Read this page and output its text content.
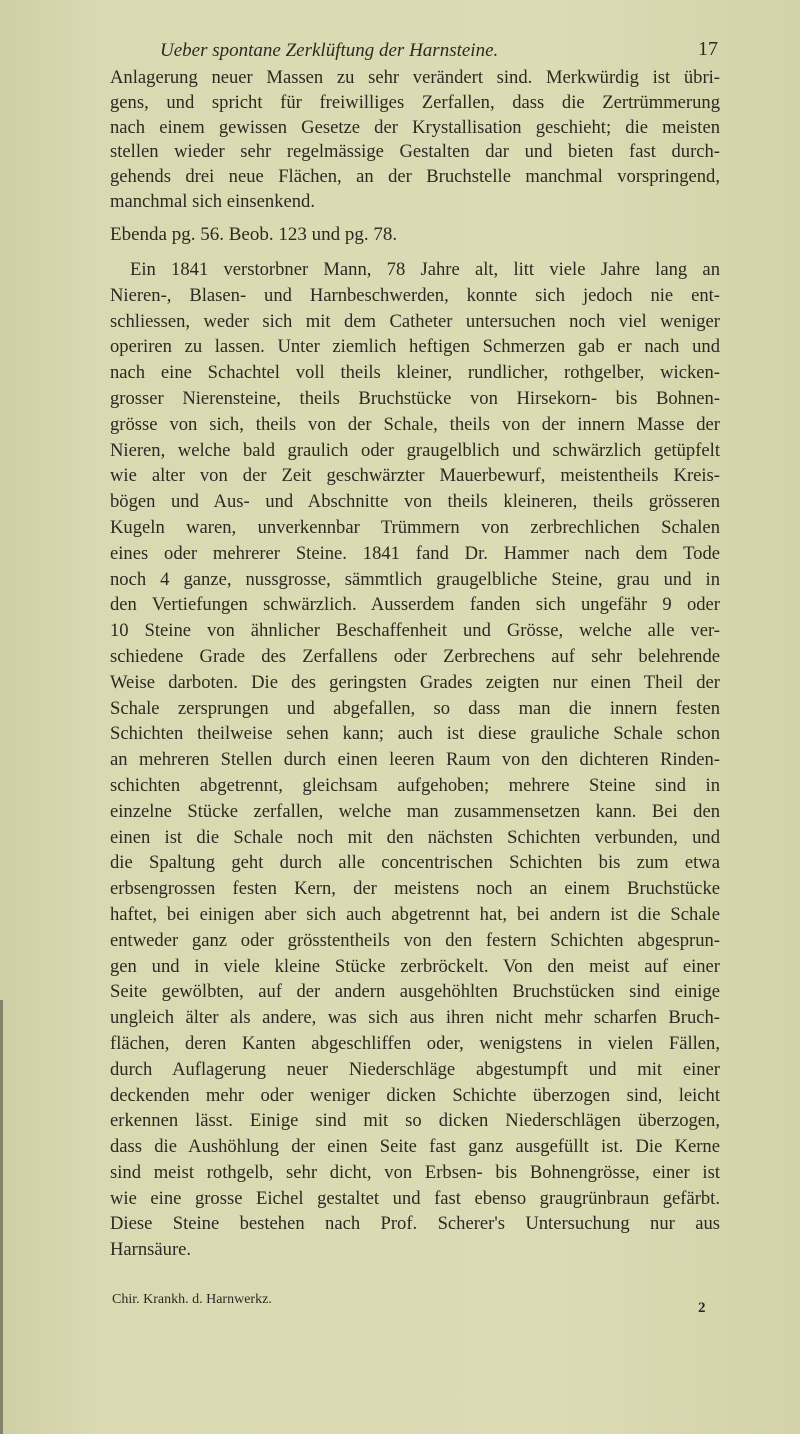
Ueber spontane Zerklüftung der Harnsteine.	17
Anlagerung neuer Massen zu sehr verändert sind. Merkwürdig ist übri-
gens, und spricht für freiwilliges Zerfallen, dass die Zertrümmerung
nach einem gewissen Gesetze der Krystallisation geschieht; die meisten
stellen wieder sehr regelmässige Gestalten dar und bieten fast durch-
gehends drei neue Flächen, an der Bruchstelle manchmal vorspringend,
manchmal sich einsenkend.
Ebenda pg. 56. Beob. 123 und pg. 78.
Ein 1841 verstorbner Mann, 78 Jahre alt, litt viele Jahre lang an
Nieren-, Blasen- und Harnbeschwerden, konnte sich jedoch nie ent-
schliessen, weder sich mit dem Catheter untersuchen noch viel weniger
operiren zu lassen. Unter ziemlich heftigen Schmerzen gab er nach und
nach eine Schachtel voll theils kleiner, rundlicher, rothgelber, wicken-
grosser Nierensteine, theils Bruchstücke von Hirsekorn- bis Bohnen-
grösse von sich, theils von der Schale, theils von der innern Masse der
Nieren, welche bald graulich oder graugelblich und schwärzlich getüpfelt
wie alter von der Zeit geschwärzter Mauerbewurf, meistentheils Kreis-
bögen und Aus- und Abschnitte von theils kleineren, theils grösseren
Kugeln waren, unverkennbar Trümmern von zerbrechlichen Schalen
eines oder mehrerer Steine. 1841 fand Dr. Hammer nach dem Tode
noch 4 ganze, nussgrosse, sämmtlich graugelbliche Steine, grau und in
den Vertiefungen schwärzlich. Ausserdem fanden sich ungefähr 9 oder
10 Steine von ähnlicher Beschaffenheit und Grösse, welche alle ver-
schiedene Grade des Zerfallens oder Zerbrechens auf sehr belehrende
Weise darboten. Die des geringsten Grades zeigten nur einen Theil der
Schale zersprungen und abgefallen, so dass man die innern festen
Schichten theilweise sehen kann; auch ist diese grauliche Schale schon
an mehreren Stellen durch einen leeren Raum von den dichteren Rinden-
schichten abgetrennt, gleichsam aufgehoben; mehrere Steine sind in
einzelne Stücke zerfallen, welche man zusammensetzen kann. Bei den
einen ist die Schale noch mit den nächsten Schichten verbunden, und
die Spaltung geht durch alle concentrischen Schichten bis zum etwa
erbsengrossen festen Kern, der meistens noch an einem Bruchstücke
haftet, bei einigen aber sich auch abgetrennt hat, bei andern ist die Schale
entweder ganz oder grösstentheils von den festern Schichten abgesprun-
gen und in viele kleine Stücke zerbröckelt. Von den meist auf einer
Seite gewölbten, auf der andern ausgehöhlten Bruchstücken sind einige
ungleich älter als andere, was sich aus ihren nicht mehr scharfen Bruch-
flächen, deren Kanten abgeschliffen oder, wenigstens in vielen Fällen,
durch Auflagerung neuer Niederschläge abgestumpft und mit einer
deckenden mehr oder weniger dicken Schichte überzogen sind, leicht
erkennen lässt. Einige sind mit so dicken Niederschlägen überzogen,
dass die Aushöhlung der einen Seite fast ganz ausgefüllt ist. Die Kerne
sind meist rothgelb, sehr dicht, von Erbsen- bis Bohnengrösse, einer ist
wie eine grosse Eichel gestaltet und fast ebenso graugrünbraun gefärbt.
Diese Steine bestehen nach Prof. Scherer's Untersuchung nur aus
Harnsäure.
Chir. Krankh. d. Harnwerkz.
2
